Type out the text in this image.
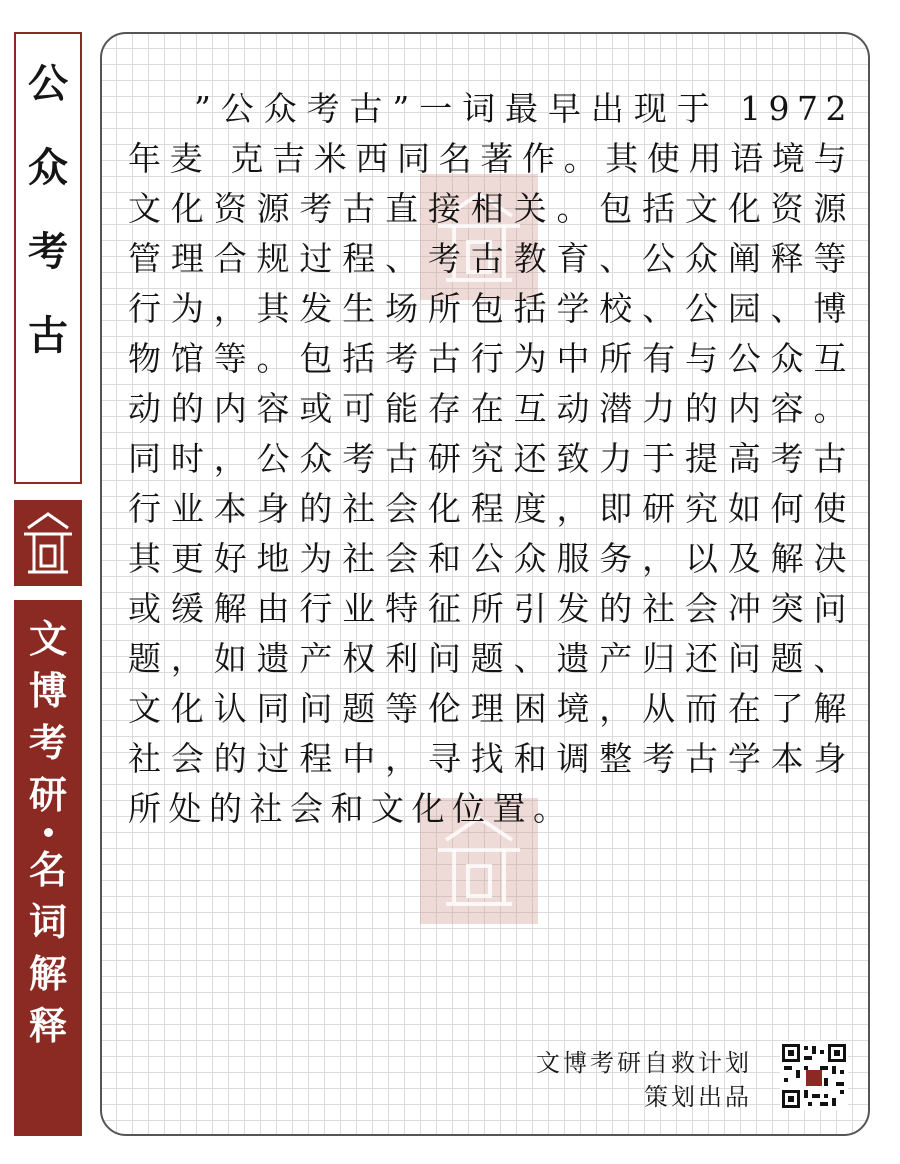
公
众
考
古
文
博
考
研
名
词
解
释

”公众考古”一词最早出现于 1972 年麦 克吉米西同名著作。其使用语境与文化资源考古直接相关。包括文化资源管理合规过程、考古教育、公众阐释等行为，其发生场所包括学校、公园、博物馆等。包括考古行为中所有与公众互动的内容或可能存在互动潜力的内容。同时，公众考古研究还致力于提高考古行业本身的社会化程度，即研究如何使其更好地为社会和公众服务，以及解决或缓解由行业特征所引发的社会冲突问题，如遗产权利问题、遗产归还问题、文化认同问题等伦理困境，从而在了解社会的过程中，寻找和调整考古学本身所处的社会和文化位置。

文博考研自救计划
策划出品
